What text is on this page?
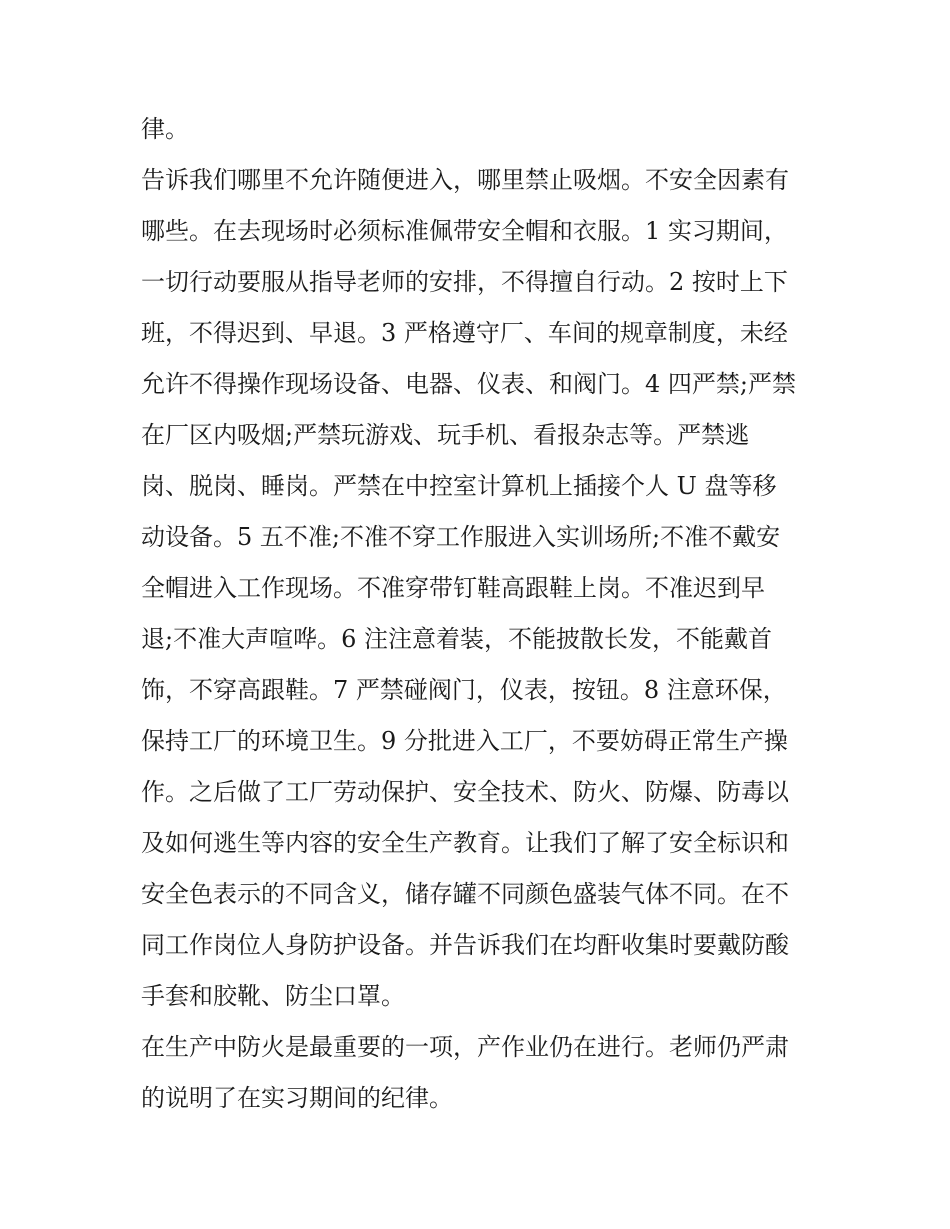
律。
告诉我们哪里不允许随便进入，哪里禁止吸烟。不安全因素有
哪些。在去现场时必须标准佩带安全帽和衣服。1 实习期间，
一切行动要服从指导老师的安排，不得擅自行动。2 按时上下
班，不得迟到、早退。3 严格遵守厂、车间的规章制度，未经
允许不得操作现场设备、电器、仪表、和阀门。4 四严禁;严禁
在厂区内吸烟;严禁玩游戏、玩手机、看报杂志等。严禁逃
岗、脱岗、睡岗。严禁在中控室计算机上插接个人 U 盘等移
动设备。5 五不准;不准不穿工作服进入实训场所;不准不戴安
全帽进入工作现场。不准穿带钉鞋高跟鞋上岗。不准迟到早
退;不准大声喧哗。6 注注意着装，不能披散长发，不能戴首
饰，不穿高跟鞋。7 严禁碰阀门，仪表，按钮。8 注意环保，
保持工厂的环境卫生。9 分批进入工厂，不要妨碍正常生产操
作。之后做了工厂劳动保护、安全技术、防火、防爆、防毒以
及如何逃生等内容的安全生产教育。让我们了解了安全标识和
安全色表示的不同含义，储存罐不同颜色盛装气体不同。在不
同工作岗位人身防护设备。并告诉我们在均酐收集时要戴防酸
手套和胶靴、防尘口罩。
在生产中防火是最重要的一项，产作业仍在进行。老师仍严肃
的说明了在实习期间的纪律。
